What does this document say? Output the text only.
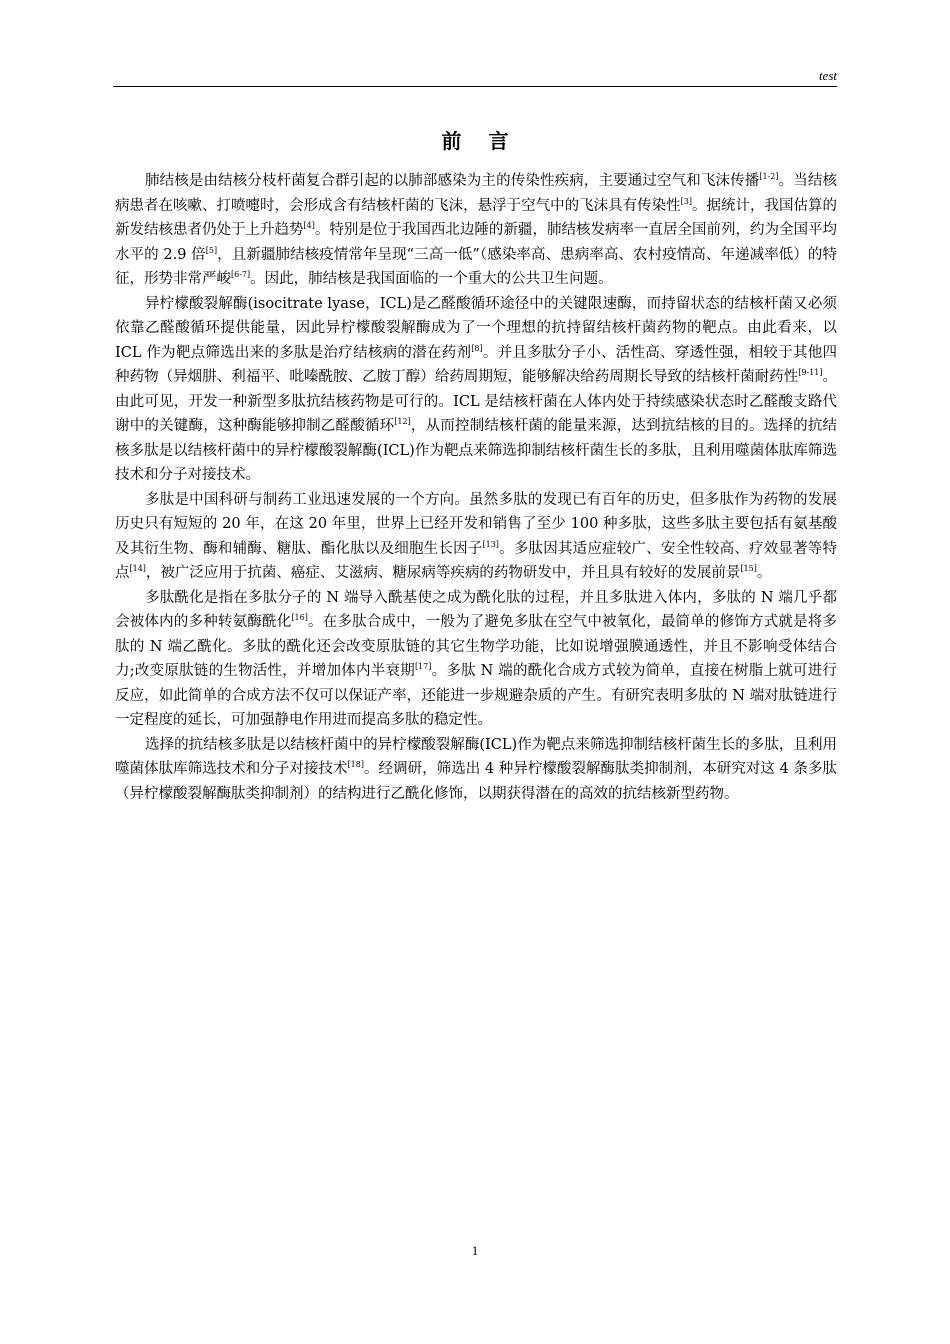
test
前 言

肺结核是由结核分枝杆菌复合群引起的以肺部感染为主的传染性疾病，主要通过空气和飞沫传播[1-2]。当结核病患者在咳嗽、打喷嚏时，会形成含有结核杆菌的飞沫，悬浮于空气中的飞沫具有传染性[3]。据统计，我国估算的新发结核患者仍处于上升趋势[4]。特别是位于我国西北边陲的新疆，肺结核发病率一直居全国前列，约为全国平均水平的 2.9 倍[5]，且新疆肺结核疫情常年呈现“三高一低”（感染率高、患病率高、农村疫情高、年递减率低）的特征，形势非常严峻[6-7]。因此，肺结核是我国面临的一个重大的公共卫生问题。

异柠檬酸裂解酶(isocitrate lyase，ICL)是乙醛酸循环途径中的关键限速酶，而持留状态的结核杆菌又必须依靠乙醛酸循环提供能量，因此异柠檬酸裂解酶成为了一个理想的抗持留结核杆菌药物的靶点。由此看来，以 ICL 作为靶点筛选出来的多肽是治疗结核病的潜在药剂[8]。并且多肽分子小、活性高、穿透性强，相较于其他四种药物（异烟肼、利福平、吡嗪酰胺、乙胺丁醇）给药周期短，能够解决给药周期长导致的结核杆菌耐药性[9-11]。由此可见，开发一种新型多肽抗结核药物是可行的。ICL 是结核杆菌在人体内处于持续感染状态时乙醛酸支路代谢中的关键酶，这种酶能够抑制乙醛酸循环[12]，从而控制结核杆菌的能量来源，达到抗结核的目的。选择的抗结核多肽是以结核杆菌中的异柠檬酸裂解酶(ICL)作为靶点来筛选抑制结核杆菌生长的多肽，且利用噬菌体肽库筛选技术和分子对接技术。

多肽是中国科研与制药工业迅速发展的一个方向。虽然多肽的发现已有百年的历史，但多肽作为药物的发展历史只有短短的 20 年，在这 20 年里，世界上已经开发和销售了至少 100 种多肽，这些多肽主要包括有氨基酸及其衍生物、酶和辅酶、糖肽、酯化肽以及细胞生长因子[13]。多肽因其适应症较广、安全性较高、疗效显著等特点[14]，被广泛应用于抗菌、癌症、艾滋病、糖尿病等疾病的药物研发中，并且具有较好的发展前景[15]。

多肽酰化是指在多肽分子的 N 端导入酰基使之成为酰化肽的过程，并且多肽进入体内，多肽的 N 端几乎都会被体内的多种转氨酶酰化[16]。在多肽合成中，一般为了避免多肽在空气中被氧化，最简单的修饰方式就是将多肽的 N 端乙酰化。多肽的酰化还会改变原肽链的其它生物学功能，比如说增强膜通透性，并且不影响受体结合力;改变原肽链的生物活性，并增加体内半衰期[17]。多肽 N 端的酰化合成方式较为简单，直接在树脂上就可进行反应，如此简单的合成方法不仅可以保证产率，还能进一步规避杂质的产生。有研究表明多肽的 N 端对肽链进行一定程度的延长，可加强静电作用进而提高多肽的稳定性。

选择的抗结核多肽是以结核杆菌中的异柠檬酸裂解酶(ICL)作为靶点来筛选抑制结核杆菌生长的多肽，且利用噬菌体肽库筛选技术和分子对接技术[18]。经调研，筛选出 4 种异柠檬酸裂解酶肽类抑制剂，本研究对这 4 条多肽（异柠檬酸裂解酶肽类抑制剂）的结构进行乙酰化修饰，以期获得潜在的高效的抗结核新型药物。

1
